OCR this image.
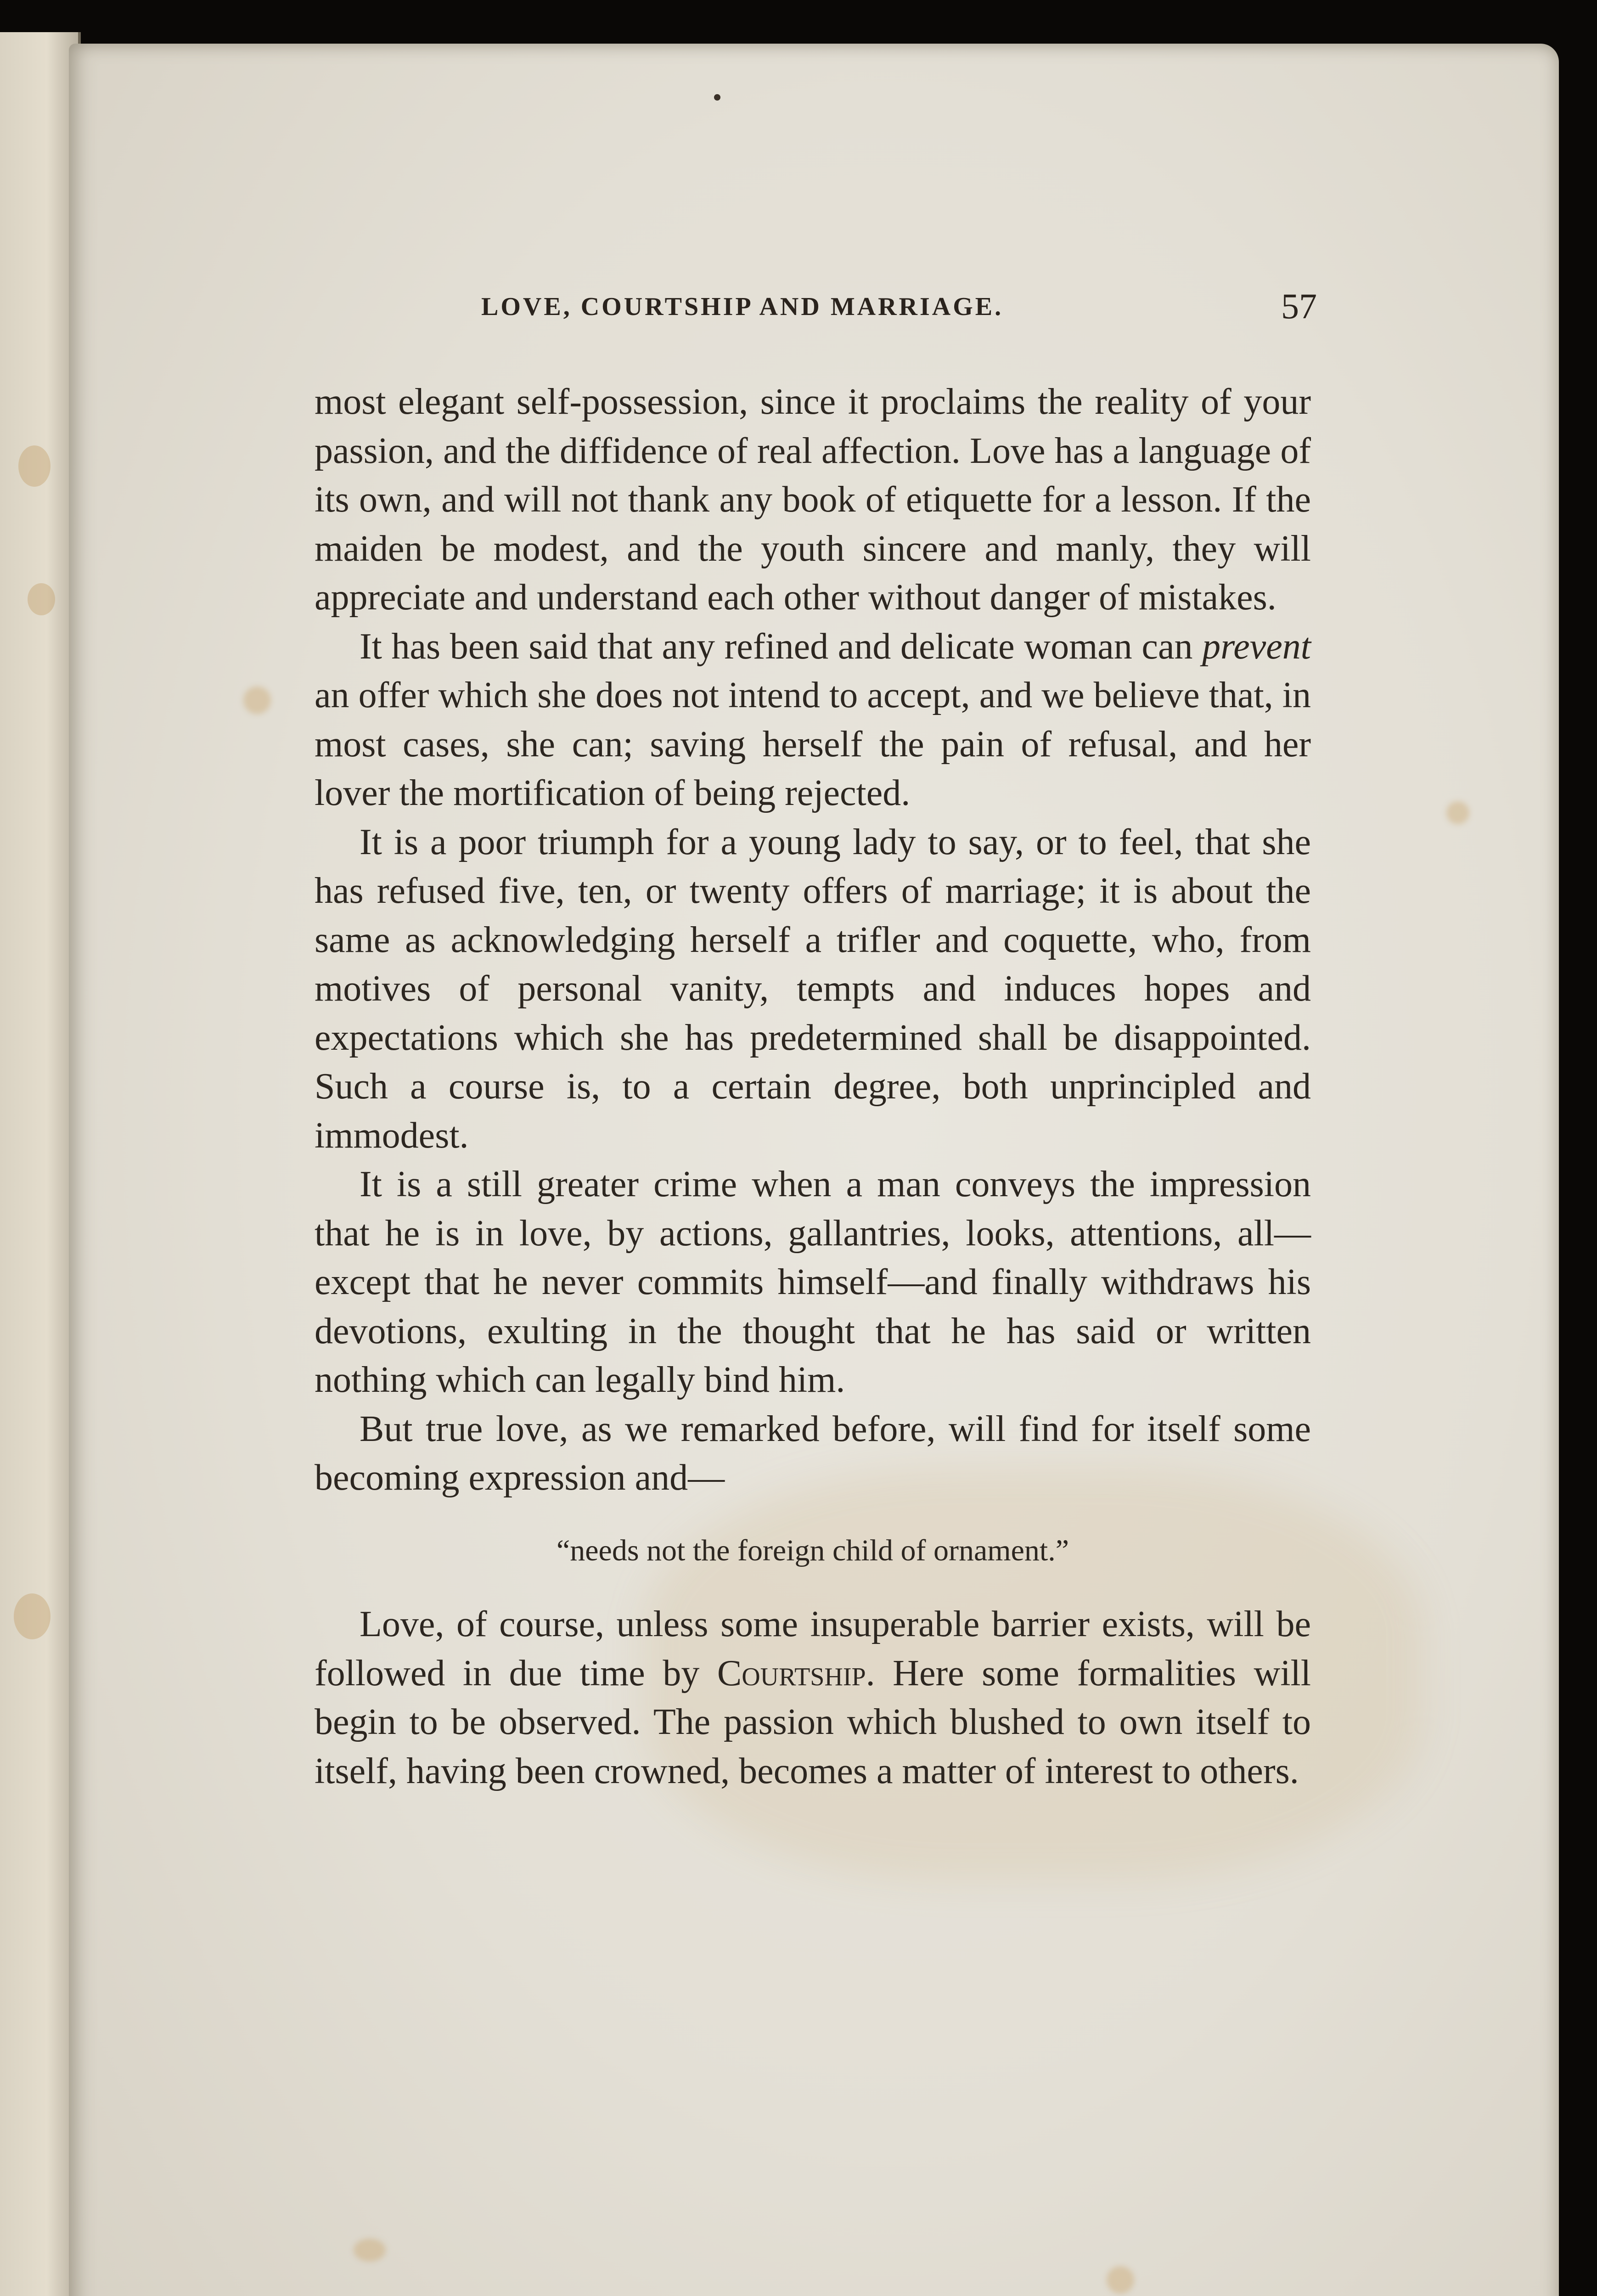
LOVE, COURTSHIP AND MARRIAGE.	57

most elegant self-possession, since it proclaims the reality of your passion, and the diffidence of real affection. Love has a language of its own, and will not thank any book of etiquette for a lesson. If the maiden be modest, and the youth sincere and manly, they will appreciate and understand each other without danger of mistakes.

It has been said that any refined and delicate woman can prevent an offer which she does not intend to accept, and we believe that, in most cases, she can; saving herself the pain of refusal, and her lover the mortification of being rejected.

It is a poor triumph for a young lady to say, or to feel, that she has refused five, ten, or twenty offers of marriage; it is about the same as acknowledging herself a trifler and coquette, who, from motives of personal vanity, tempts and induces hopes and expectations which she has predetermined shall be disappointed. Such a course is, to a certain degree, both unprincipled and immodest.

It is a still greater crime when a man conveys the impression that he is in love, by actions, gallantries, looks, attentions, all—except that he never commits himself—and finally withdraws his devotions, exulting in the thought that he has said or written nothing which can legally bind him.

But true love, as we remarked before, will find for itself some becoming expression and—

“needs not the foreign child of ornament.”

Love, of course, unless some insuperable barrier exists, will be followed in due time by Courtship. Here some formalities will begin to be observed. The passion which blushed to own itself to itself, having been crowned, becomes a matter of interest to others.
